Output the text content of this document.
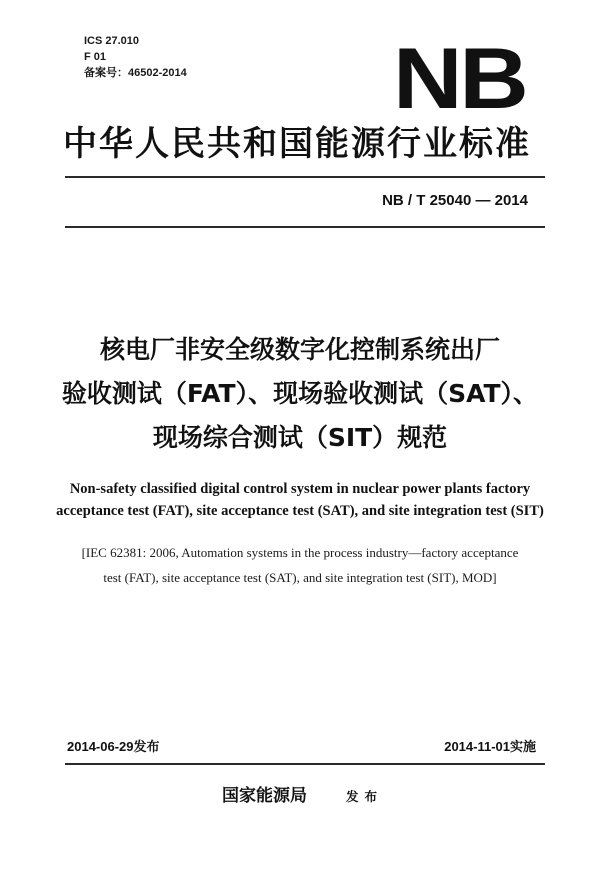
ICS 27.010
F 01
备案号：46502-2014 NB
中华人民共和国能源行业标准
NB / T 25040 — 2014
核电厂非安全级数字化控制系统出厂
验收测试（FAT）、现场验收测试（SAT）、
现场综合测试（SIT）规范
Non-safety classified digital control system in nuclear power plants factory
acceptance test (FAT), site acceptance test (SAT), and site integration test (SIT)
[IEC 62381: 2006, Automation systems in the process industry—factory acceptance
test (FAT), site acceptance test (SAT), and site integration test (SIT), MOD]
2014-06-29发布	2014-11-01实施
国家能源局	发布
